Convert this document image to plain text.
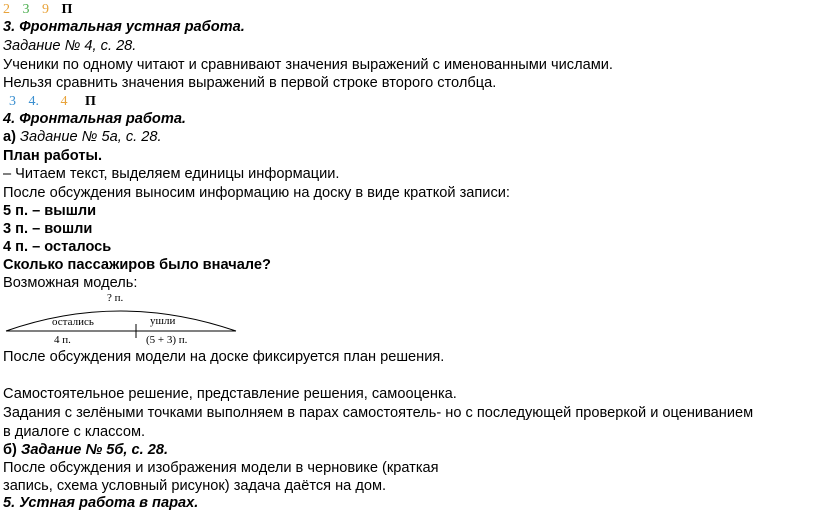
2 3 9 П
3. Фронтальная устная работа.
Задание № 4, с. 28.
Ученики по одному читают и сравнивают значения выражений с именованными числами.
Нельзя сравнить значения выражений в первой строке второго столбца.
3 4. 4 П
4. Фронтальная работа.
а) Задание № 5а, с. 28.
План работы.
– Читаем текст, выделяем единицы информации.
После обсуждения выносим информацию на доску в виде краткой записи:
5 п. – вышли
3 п. – вошли
4 п. – осталось
Сколько пассажиров было вначале?
Возможная модель:
? п.
остались	ушли
4 п.	(5 + 3) п.
После обсуждения модели на доске фиксируется план решения.
Самостоятельное решение, представление решения, самооценка.
Задания с зелёными точками выполняем в парах самостоятель- но с последующей проверкой и оцениванием
в диалоге с классом.
б) Задание № 5б, с. 28.
После обсуждения и изображения модели в черновике (краткая
запись, схема условный рисунок) задача даётся на дом.
5. Устная работа в парах.
